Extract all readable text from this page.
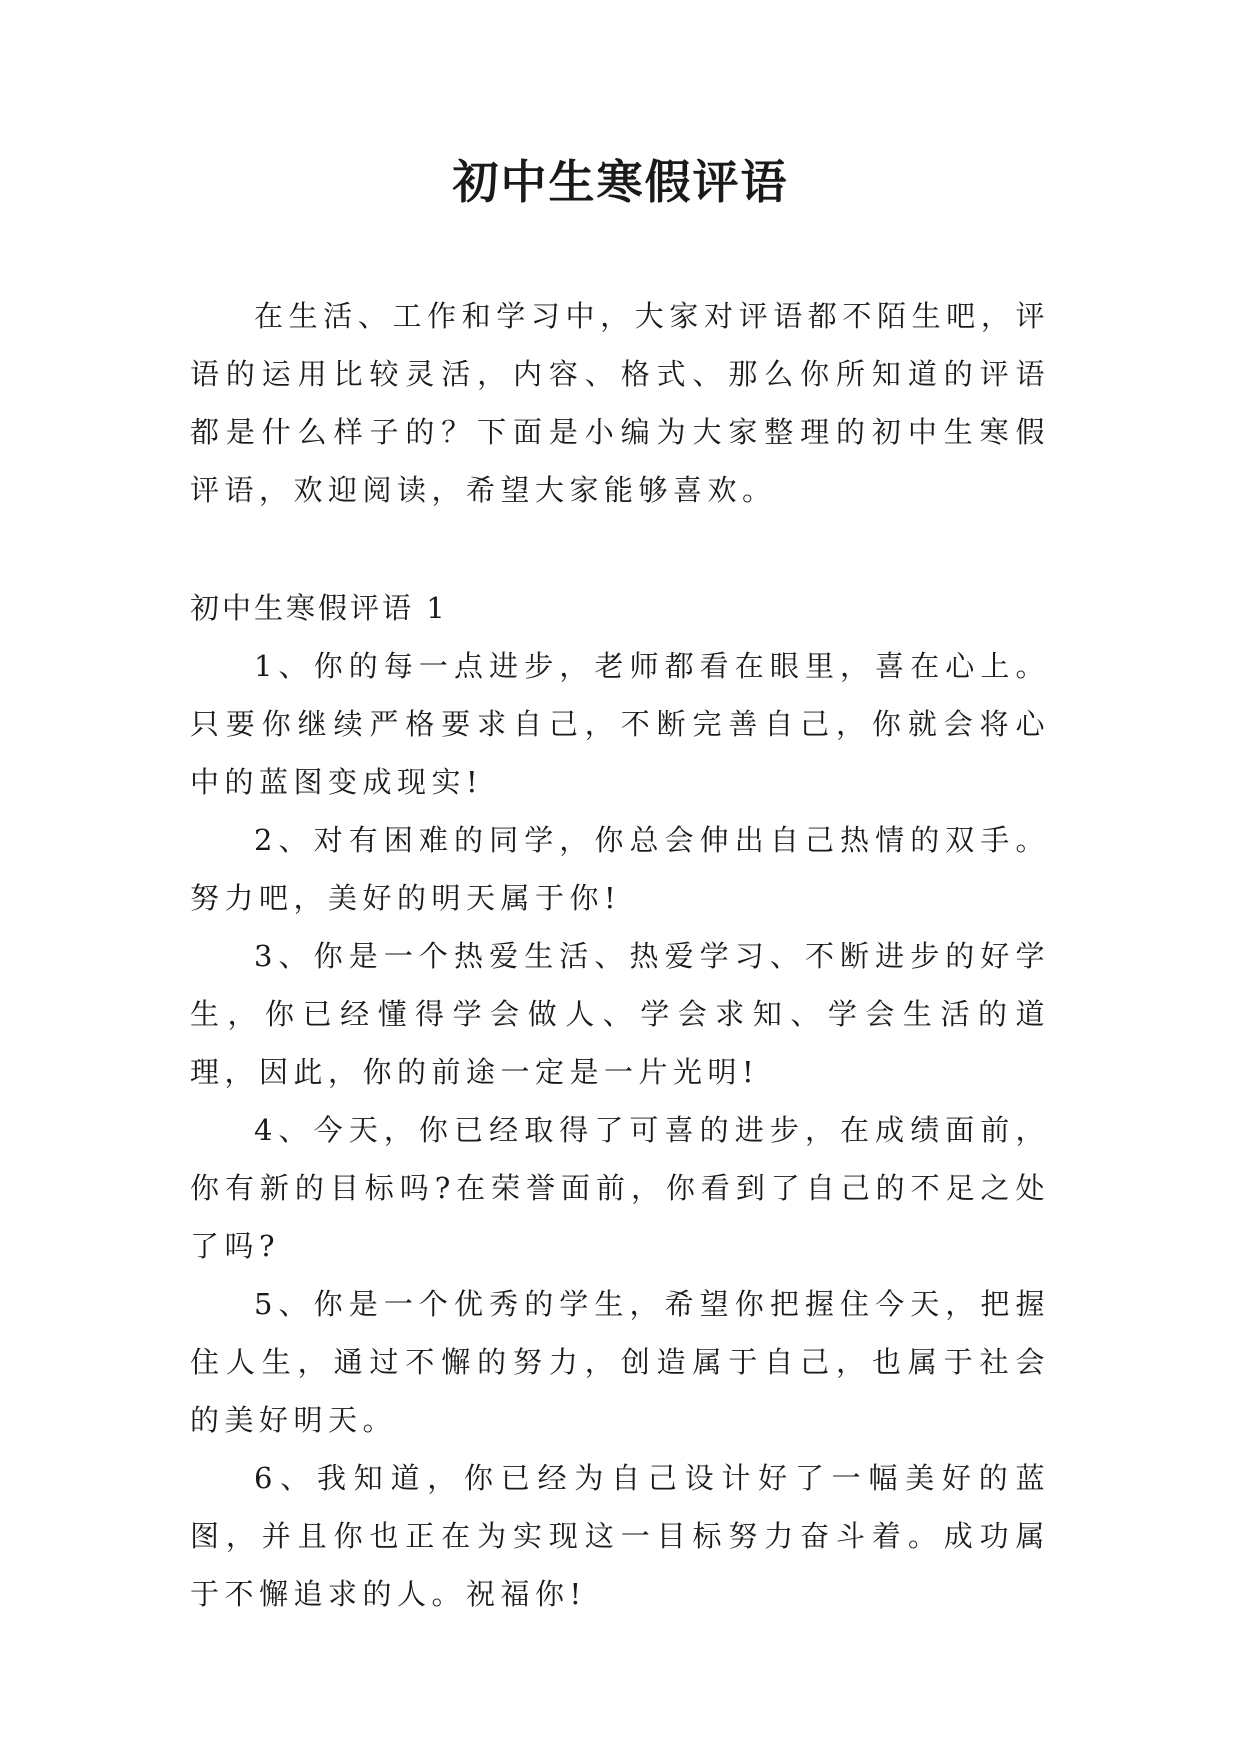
初中生寒假评语

在生活、工作和学习中，大家对评语都不陌生吧，评语的运用比较灵活，内容、格式、那么你所知道的评语都是什么样子的？下面是小编为大家整理的初中生寒假评语，欢迎阅读，希望大家能够喜欢。

初中生寒假评语 1
1、你的每一点进步，老师都看在眼里，喜在心上。只要你继续严格要求自己，不断完善自己，你就会将心中的蓝图变成现实!
2、对有困难的同学，你总会伸出自己热情的双手。努力吧，美好的明天属于你!
3、你是一个热爱生活、热爱学习、不断进步的好学生，你已经懂得学会做人、学会求知、学会生活的道理，因此，你的前途一定是一片光明!
4、今天，你已经取得了可喜的进步，在成绩面前，你有新的目标吗?在荣誉面前，你看到了自己的不足之处了吗?
5、你是一个优秀的学生，希望你把握住今天，把握住人生，通过不懈的努力，创造属于自己，也属于社会的美好明天。
6、我知道，你已经为自己设计好了一幅美好的蓝图，并且你也正在为实现这一目标努力奋斗着。成功属于不懈追求的人。祝福你!
